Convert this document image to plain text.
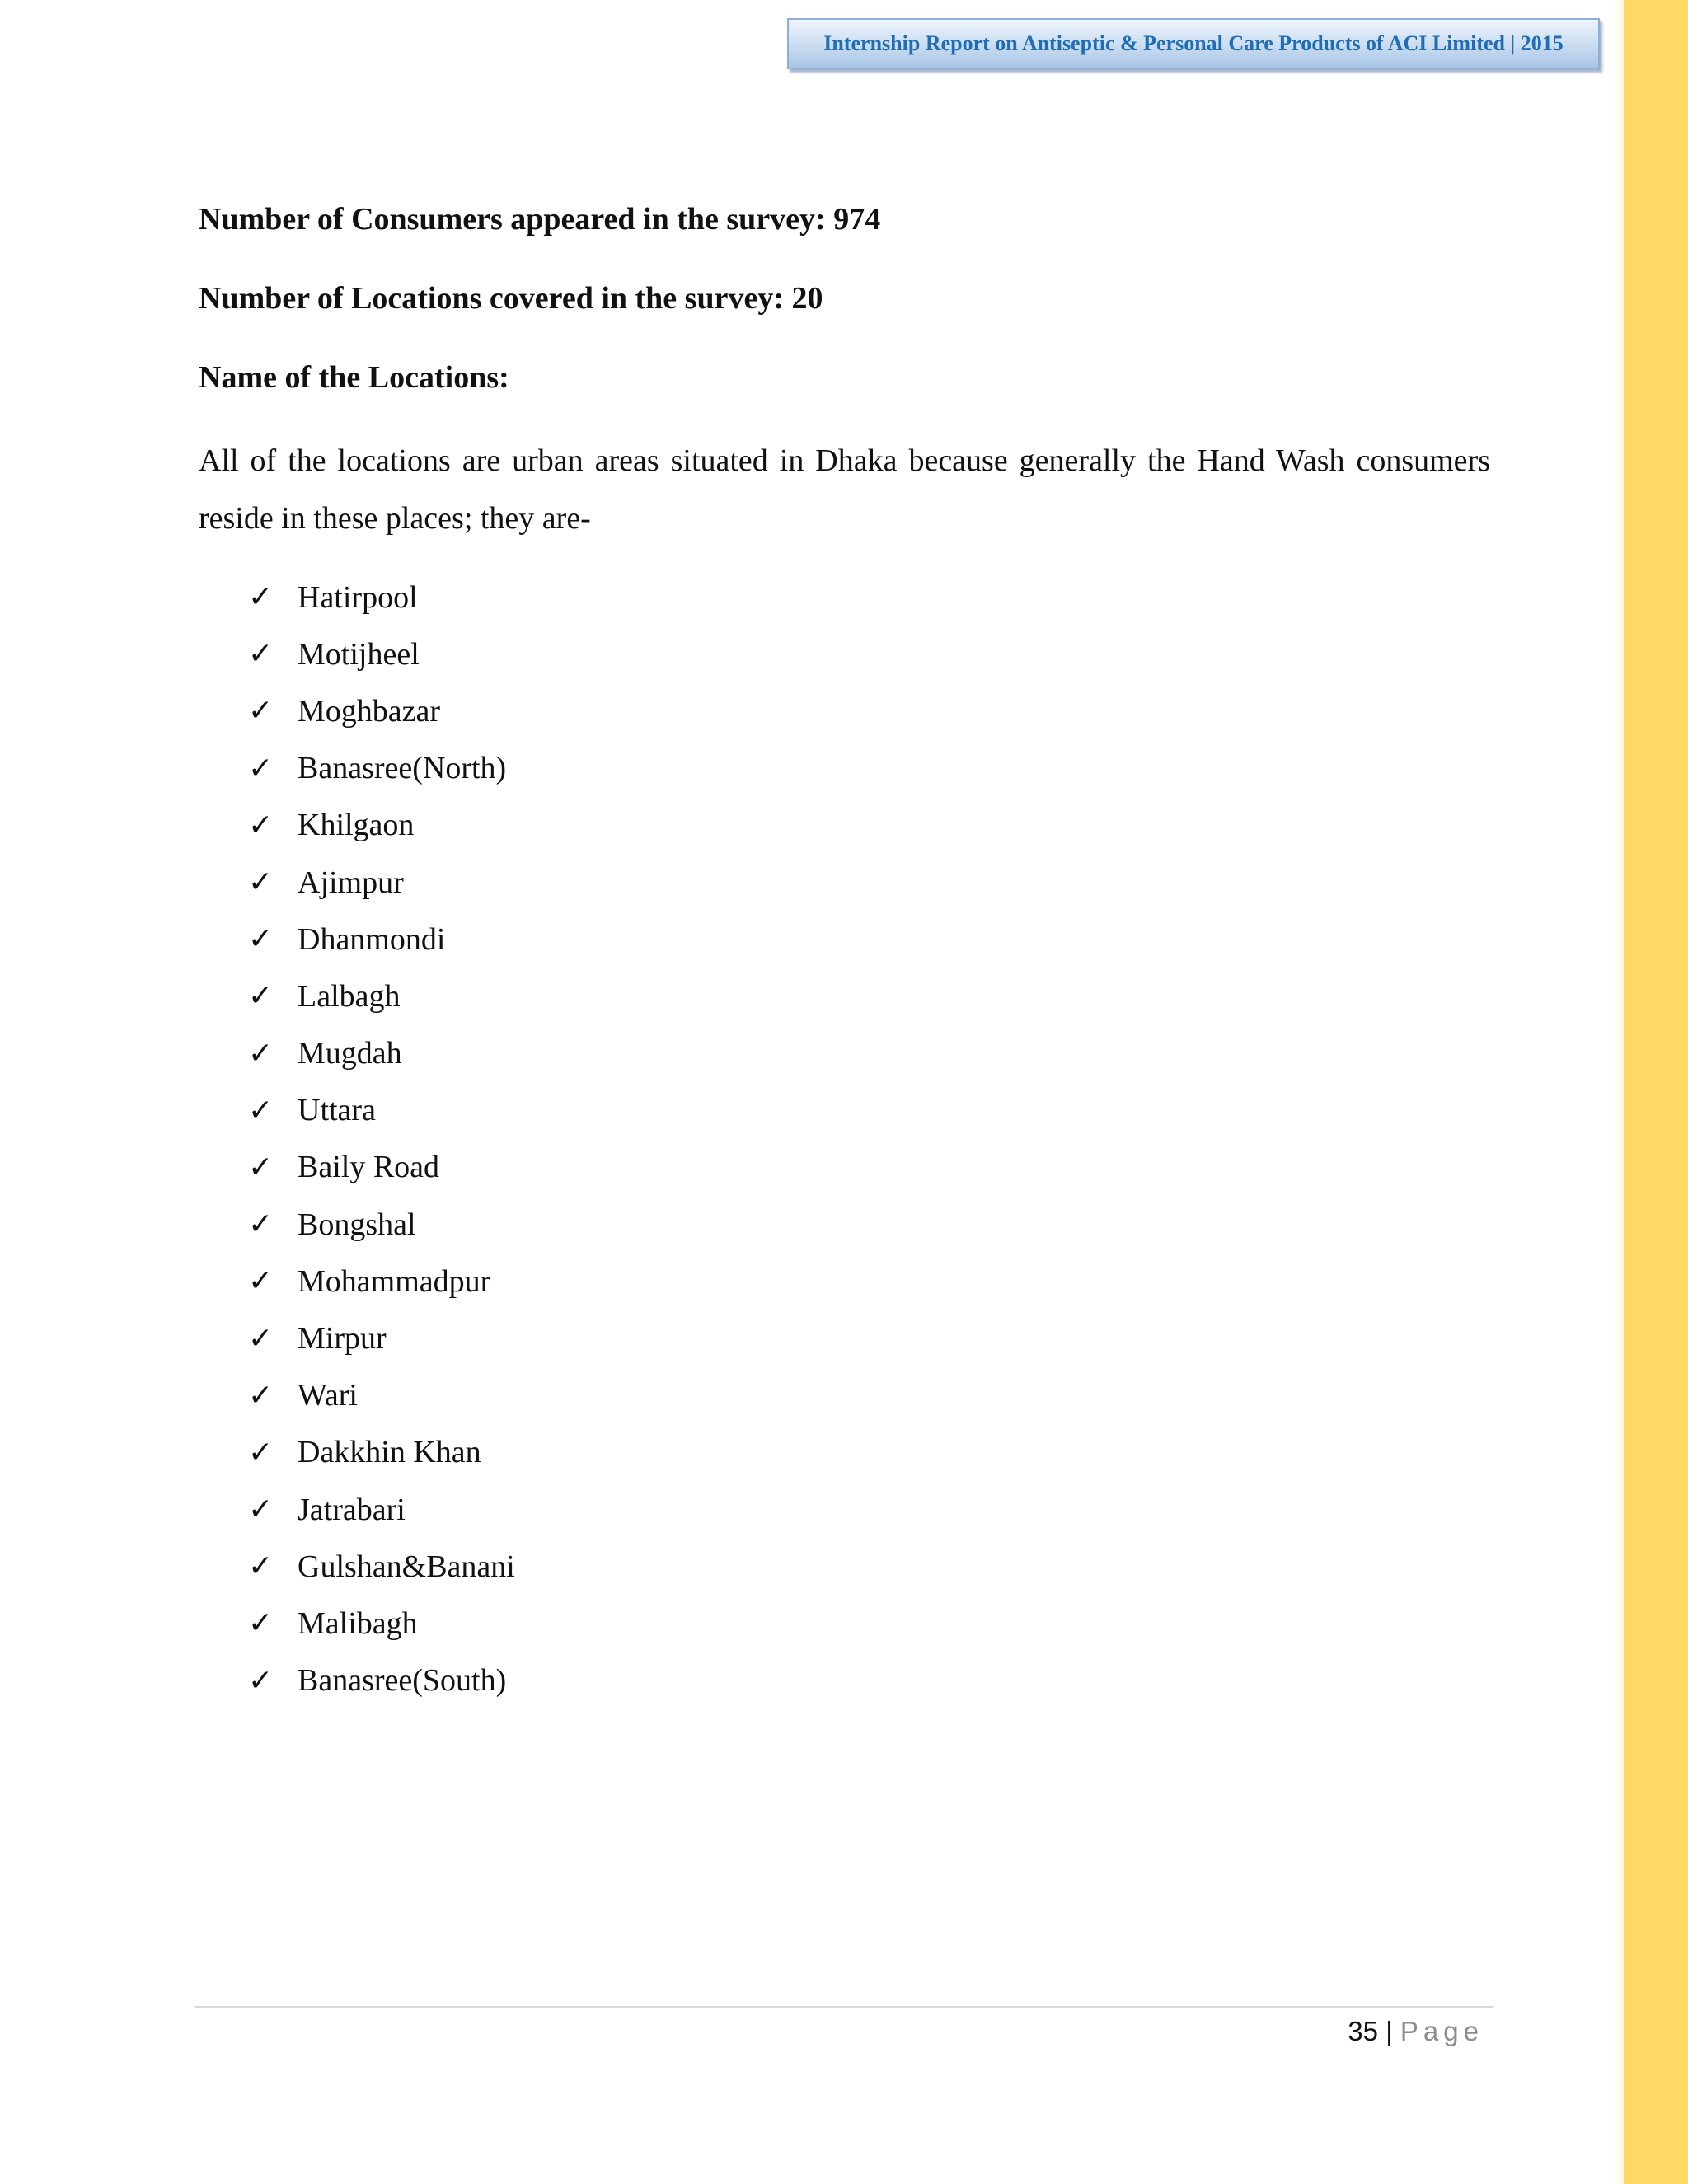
Internship Report on Antiseptic & Personal Care Products of ACI Limited | 2015

Number of Consumers appeared in the survey: 974

Number of Locations covered in the survey: 20

Name of the Locations:

All of the locations are urban areas situated in Dhaka because generally the Hand Wash consumers reside in these places; they are-

✓ Hatirpool
✓ Motijheel
✓ Moghbazar
✓ Banasree(North)
✓ Khilgaon
✓ Ajimpur
✓ Dhanmondi
✓ Lalbagh
✓ Mugdah
✓ Uttara
✓ Baily Road
✓ Bongshal
✓ Mohammadpur
✓ Mirpur
✓ Wari
✓ Dakkhin Khan
✓ Jatrabari
✓ Gulshan&Banani
✓ Malibagh
✓ Banasree(South)
35 | Page
